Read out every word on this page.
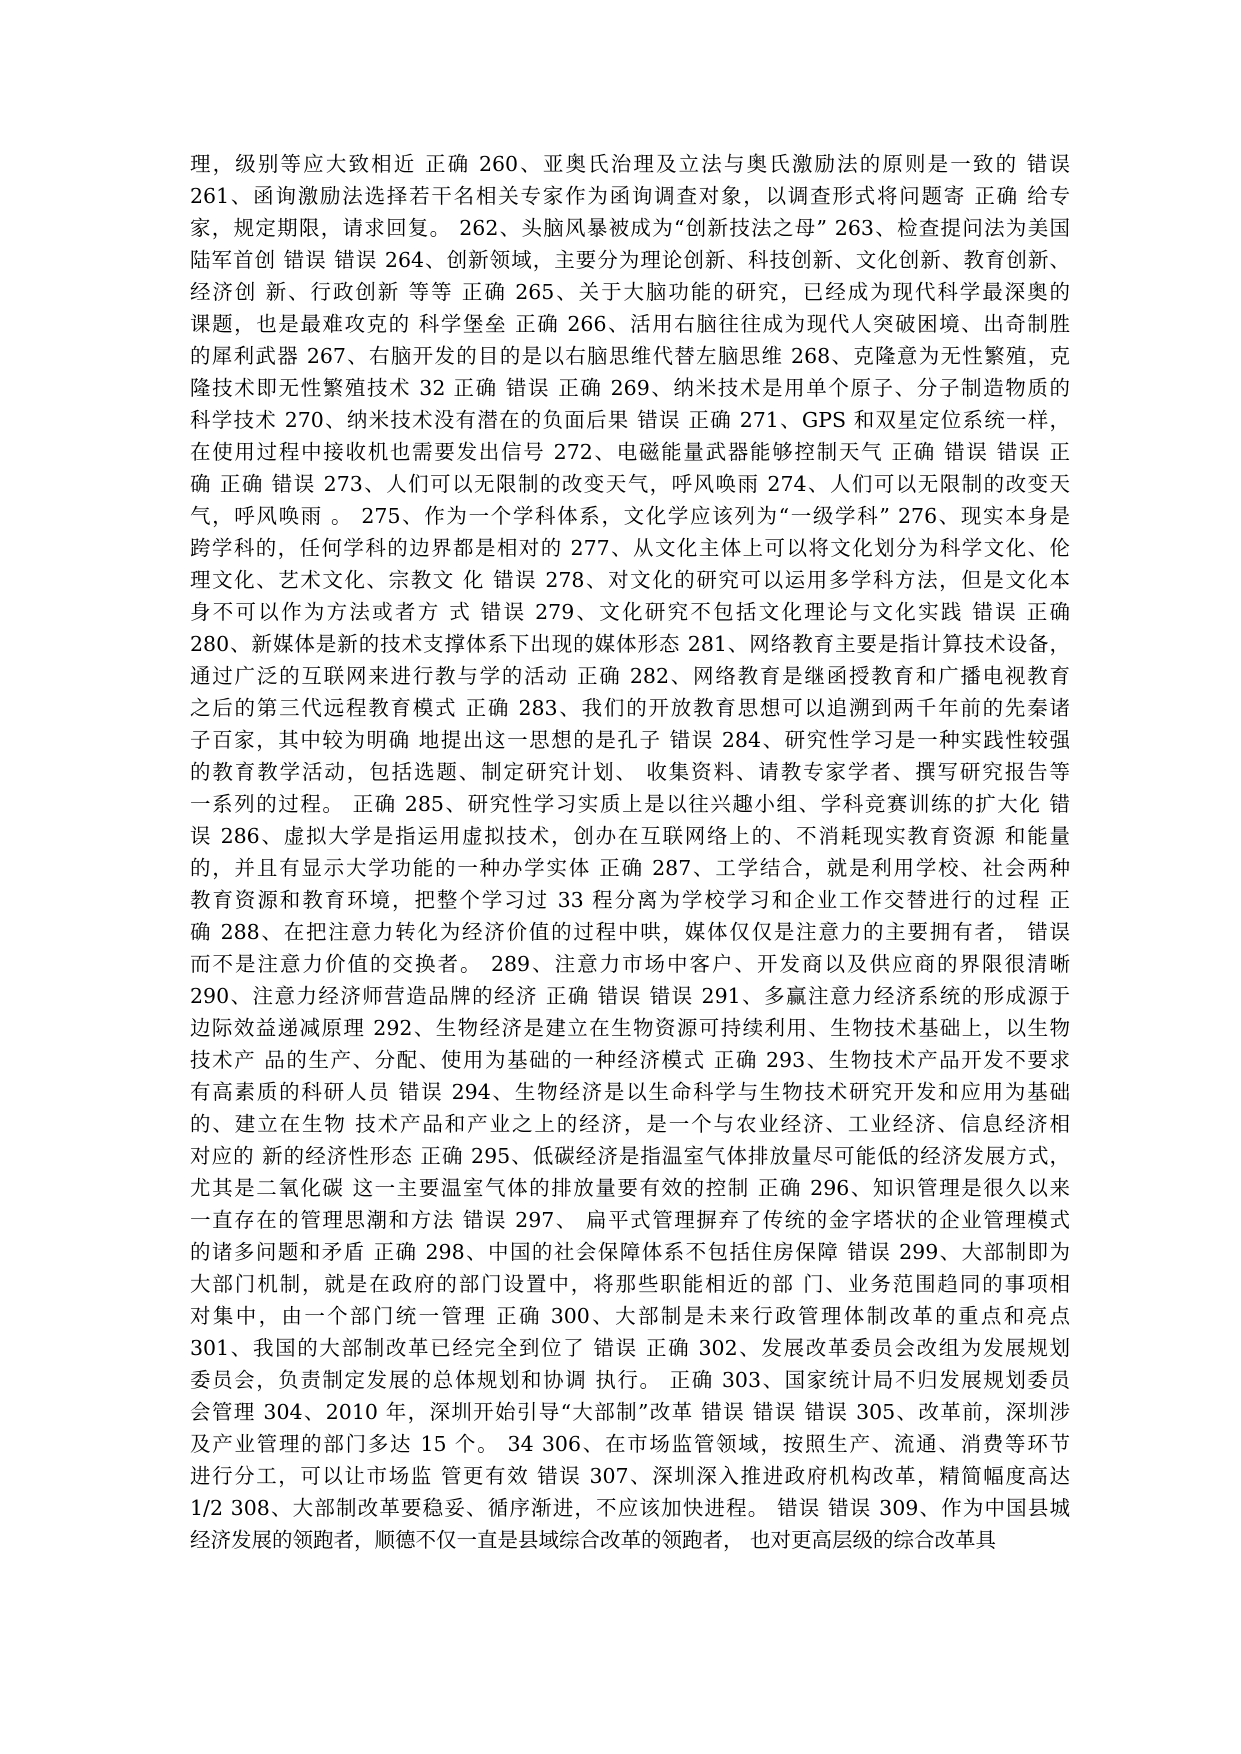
理，级别等应大致相近 正确 260、亚奥氏治理及立法与奥氏激励法的原则是一致的 错误
261、函询激励法选择若干名相关专家作为函询调查对象，以调查形式将问题寄 正确 给专
家，规定期限，请求回复。 262、头脑风暴被成为“创新技法之母” 263、检查提问法为美国
陆军首创 错误 错误 264、创新领域，主要分为理论创新、科技创新、文化创新、教育创新、
经济创 新、行政创新 等等 正确 265、关于大脑功能的研究，已经成为现代科学最深奥的
课题，也是最难攻克的 科学堡垒 正确 266、活用右脑往往成为现代人突破困境、出奇制胜
的犀利武器 267、右脑开发的目的是以右脑思维代替左脑思维 268、克隆意为无性繁殖，克
隆技术即无性繁殖技术 32 正确 错误 正确 269、纳米技术是用单个原子、分子制造物质的
科学技术 270、纳米技术没有潜在的负面后果 错误 正确 271、GPS 和双星定位系统一样，
在使用过程中接收机也需要发出信号 272、电磁能量武器能够控制天气 正确 错误 错误 正
确 正确 错误 273、人们可以无限制的改变天气，呼风唤雨 274、人们可以无限制的改变天
气，呼风唤雨 。 275、作为一个学科体系，文化学应该列为“一级学科” 276、现实本身是
跨学科的，任何学科的边界都是相对的 277、从文化主体上可以将文化划分为科学文化、伦
理文化、艺术文化、宗教文 化 错误 278、对文化的研究可以运用多学科方法，但是文化本
身不可以作为方法或者方 式 错误 279、文化研究不包括文化理论与文化实践 错误 正确
280、新媒体是新的技术支撑体系下出现的媒体形态 281、网络教育主要是指计算技术设备，
通过广泛的互联网来进行教与学的活动 正确 282、网络教育是继函授教育和广播电视教育
之后的第三代远程教育模式 正确 283、我们的开放教育思想可以追溯到两千年前的先秦诸
子百家，其中较为明确 地提出这一思想的是孔子 错误 284、研究性学习是一种实践性较强
的教育教学活动，包括选题、制定研究计划、 收集资料、请教专家学者、撰写研究报告等
一系列的过程。 正确 285、研究性学习实质上是以往兴趣小组、学科竞赛训练的扩大化 错
误 286、虚拟大学是指运用虚拟技术，创办在互联网络上的、不消耗现实教育资源 和能量
的，并且有显示大学功能的一种办学实体 正确 287、工学结合，就是利用学校、社会两种
教育资源和教育环境，把整个学习过 33 程分离为学校学习和企业工作交替进行的过程 正
确 288、在把注意力转化为经济价值的过程中哄，媒体仅仅是注意力的主要拥有者， 错误
而不是注意力价值的交换者。 289、注意力市场中客户、开发商以及供应商的界限很清晰
290、注意力经济师营造品牌的经济 正确 错误 错误 291、多赢注意力经济系统的形成源于
边际效益递减原理 292、生物经济是建立在生物资源可持续利用、生物技术基础上，以生物
技术产 品的生产、分配、使用为基础的一种经济模式 正确 293、生物技术产品开发不要求
有高素质的科研人员 错误 294、生物经济是以生命科学与生物技术研究开发和应用为基础
的、建立在生物 技术产品和产业之上的经济，是一个与农业经济、工业经济、信息经济相
对应的 新的经济性形态 正确 295、低碳经济是指温室气体排放量尽可能低的经济发展方式，
尤其是二氧化碳 这一主要温室气体的排放量要有效的控制 正确 296、知识管理是很久以来
一直存在的管理思潮和方法 错误 297、 扁平式管理摒弃了传统的金字塔状的企业管理模式
的诸多问题和矛盾 正确 298、中国的社会保障体系不包括住房保障 错误 299、大部制即为
大部门机制，就是在政府的部门设置中，将那些职能相近的部 门、业务范围趋同的事项相
对集中，由一个部门统一管理 正确 300、大部制是未来行政管理体制改革的重点和亮点
301、我国的大部制改革已经完全到位了 错误 正确 302、发展改革委员会改组为发展规划
委员会，负责制定发展的总体规划和协调 执行。 正确 303、国家统计局不归发展规划委员
会管理 304、2010 年，深圳开始引导“大部制”改革 错误 错误 错误 305、改革前，深圳涉
及产业管理的部门多达 15 个。 34 306、在市场监管领域，按照生产、流通、消费等环节
进行分工，可以让市场监 管更有效 错误 307、深圳深入推进政府机构改革，精简幅度高达
1/2 308、大部制改革要稳妥、循序渐进，不应该加快进程。 错误 错误 309、作为中国县城
经济发展的领跑者，顺德不仅一直是县域综合改革的领跑者， 也对更高层级的综合改革具
